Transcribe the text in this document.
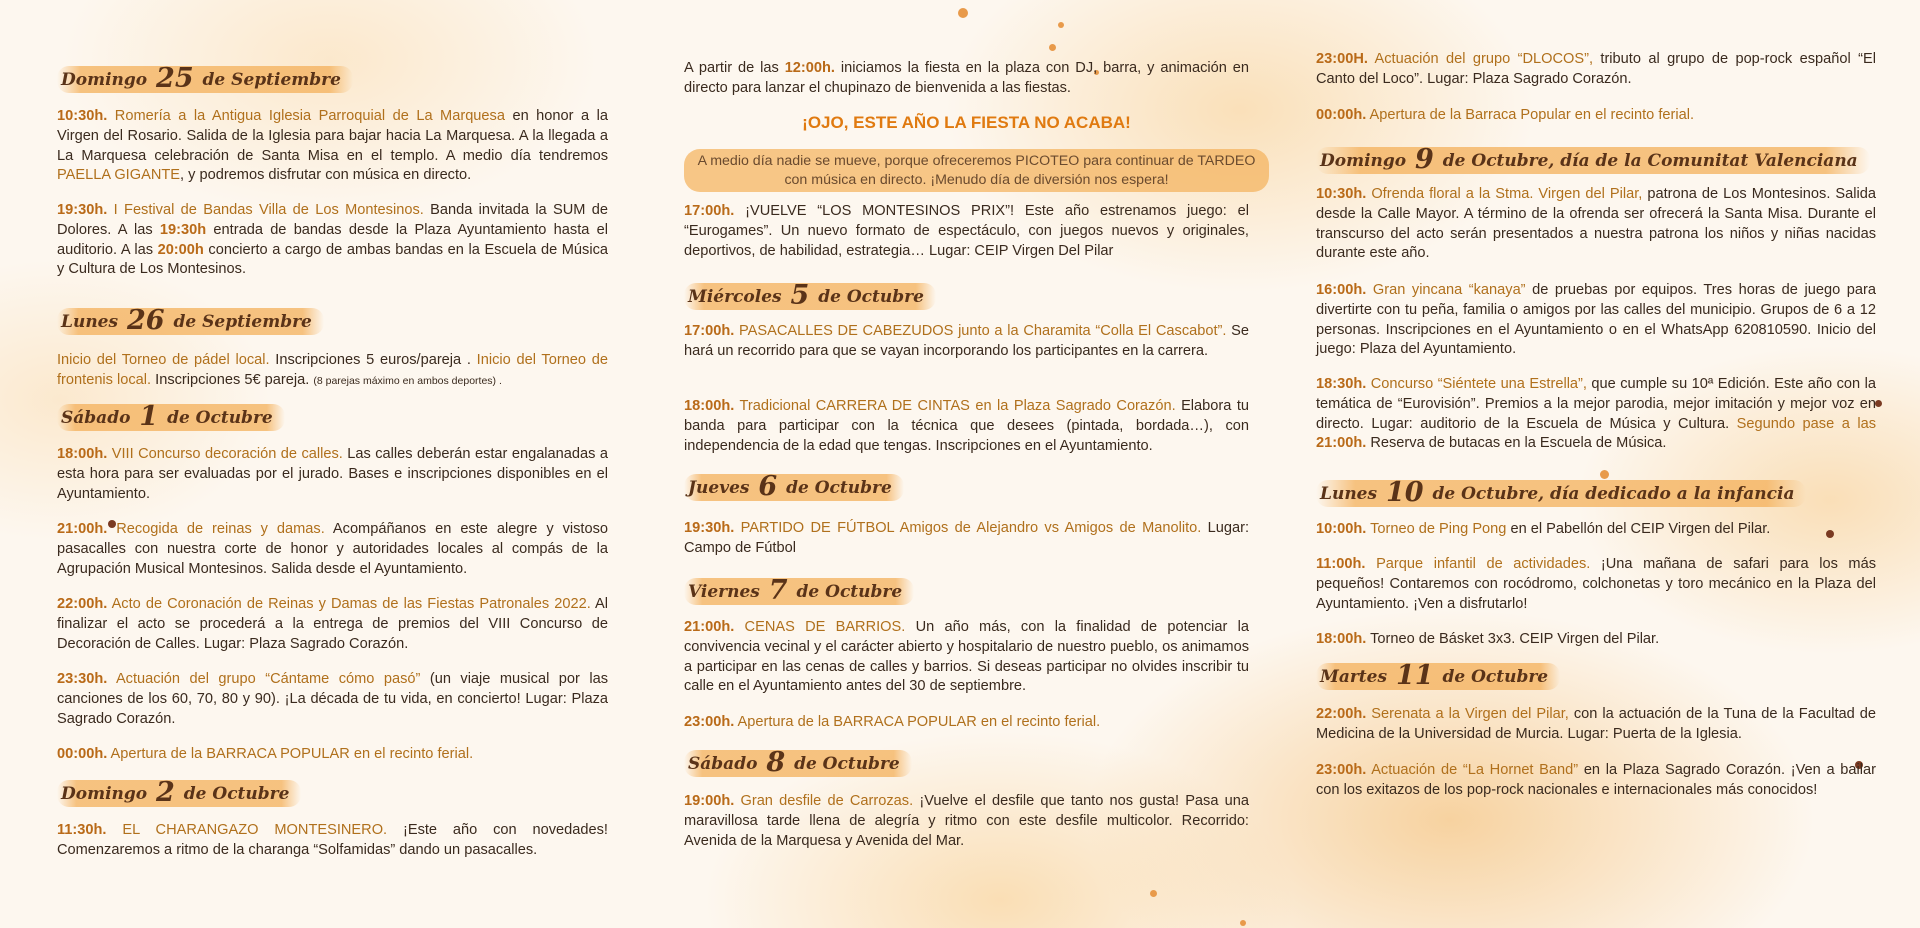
Domingo 25 de Septiembre

10:30h. Romería a la Antigua Iglesia Parroquial de La Marquesa en honor a la Virgen del Rosario. Salida de la Iglesia para bajar hacia La Marquesa. A la llegada a La Marquesa celebración de Santa Misa en el templo. A medio día tendremos PAELLA GIGANTE, y podremos disfrutar con música en directo.

19:30h. I Festival de Bandas Villa de Los Montesinos. Banda invitada la SUM de Dolores. A las 19:30h entrada de bandas desde la Plaza Ayuntamiento hasta el auditorio. A las 20:00h concierto a cargo de ambas bandas en la Escuela de Música y Cultura de Los Montesinos.

Lunes 26 de Septiembre

Inicio del Torneo de pádel local. Inscripciones 5 euros/pareja . Inicio del Torneo de frontenis local. Inscripciones 5€ pareja. (8 parejas máximo en ambos deportes) .

Sábado 1 de Octubre

18:00h. VIII Concurso decoración de calles. Las calles deberán estar engalanadas a esta hora para ser evaluadas por el jurado. Bases e inscripciones disponibles en el Ayuntamiento.

21:00h. Recogida de reinas y damas. Acompáñanos en este alegre y vistoso pasacalles con nuestra corte de honor y autoridades locales al compás de la Agrupación Musical Montesinos. Salida desde el Ayuntamiento.

22:00h. Acto de Coronación de Reinas y Damas de las Fiestas Patronales 2022. Al finalizar el acto se procederá a la entrega de premios del VIII Concurso de Decoración de Calles. Lugar: Plaza Sagrado Corazón.

23:30h. Actuación del grupo “Cántame cómo pasó” (un viaje musical por las canciones de los 60, 70, 80 y 90). ¡La década de tu vida, en concierto! Lugar: Plaza Sagrado Corazón.

00:00h. Apertura de la BARRACA POPULAR en el recinto ferial.

Domingo 2 de Octubre

11:30h. EL CHARANGAZO MONTESINERO. ¡Este año con novedades! Comenzaremos a ritmo de la charanga “Solfamidas” dando un pasacalles.

A partir de las 12:00h. iniciamos la fiesta en la plaza con DJ, barra, y animación en directo para lanzar el chupinazo de bienvenida a las fiestas.

¡OJO, ESTE AÑO LA FIESTA NO ACABA!

A medio día nadie se mueve, porque ofreceremos PICOTEO para continuar de TARDEO con música en directo. ¡Menudo día de diversión nos espera!

17:00h. ¡VUELVE “LOS MONTESINOS PRIX”! Este año estrenamos juego: el “Eurogames”. Un nuevo formato de espectáculo, con juegos nuevos y originales, deportivos, de habilidad, estrategia… Lugar: CEIP Virgen Del Pilar

Miércoles 5 de Octubre

17:00h. PASACALLES DE CABEZUDOS junto a la Charamita “Colla El Cascabot”. Se hará un recorrido para que se vayan incorporando los participantes en la carrera.

18:00h. Tradicional CARRERA DE CINTAS en la Plaza Sagrado Corazón. Elabora tu banda para participar con la técnica que desees (pintada, bordada…), con independencia de la edad que tengas. Inscripciones en el Ayuntamiento.

Jueves 6 de Octubre

19:30h. PARTIDO DE FÚTBOL Amigos de Alejandro vs Amigos de Manolito. Lugar: Campo de Fútbol

Viernes 7 de Octubre

21:00h. CENAS DE BARRIOS. Un año más, con la finalidad de potenciar la convivencia vecinal y el carácter abierto y hospitalario de nuestro pueblo, os animamos a participar en las cenas de calles y barrios. Si deseas participar no olvides inscribir tu calle en el Ayuntamiento antes del 30 de septiembre.

23:00h. Apertura de la BARRACA POPULAR en el recinto ferial.

Sábado 8 de Octubre

19:00h. Gran desfile de Carrozas. ¡Vuelve el desfile que tanto nos gusta! Pasa una maravillosa tarde llena de alegría y ritmo con este desfile multicolor. Recorrido: Avenida de la Marquesa y Avenida del Mar.

23:00H. Actuación del grupo “DLOCOS”, tributo al grupo de pop-rock español “El Canto del Loco”. Lugar: Plaza Sagrado Corazón.

00:00h. Apertura de la Barraca Popular en el recinto ferial.

Domingo 9 de Octubre, día de la Comunitat Valenciana

10:30h. Ofrenda floral a la Stma. Virgen del Pilar, patrona de Los Montesinos. Salida desde la Calle Mayor. A término de la ofrenda ser ofrecerá la Santa Misa. Durante el transcurso del acto serán presentados a nuestra patrona los niños y niñas nacidas durante este año.

16:00h. Gran yincana “kanaya” de pruebas por equipos. Tres horas de juego para divertirte con tu peña, familia o amigos por las calles del municipio. Grupos de 6 a 12 personas. Inscripciones en el Ayuntamiento o en el WhatsApp 620810590. Inicio del juego: Plaza del Ayuntamiento.

18:30h. Concurso “Siéntete una Estrella”, que cumple su 10ª Edición. Este año con la temática de “Eurovisión”. Premios a la mejor parodia, mejor imitación y mejor voz en directo. Lugar: auditorio de la Escuela de Música y Cultura. Segundo pase a las 21:00h. Reserva de butacas en la Escuela de Música.

Lunes 10 de Octubre, día dedicado a la infancia

10:00h. Torneo de Ping Pong en el Pabellón del CEIP Virgen del Pilar.

11:00h. Parque infantil de actividades. ¡Una mañana de safari para los más pequeños! Contaremos con rocódromo, colchonetas y toro mecánico en la Plaza del Ayuntamiento. ¡Ven a disfrutarlo!

18:00h. Torneo de Básket 3x3. CEIP Virgen del Pilar.

Martes 11 de Octubre

22:00h. Serenata a la Virgen del Pilar, con la actuación de la Tuna de la Facultad de Medicina de la Universidad de Murcia. Lugar: Puerta de la Iglesia.

23:00h. Actuación de “La Hornet Band” en la Plaza Sagrado Corazón. ¡Ven a bailar con los exitazos de los pop-rock nacionales e internacionales más conocidos!
